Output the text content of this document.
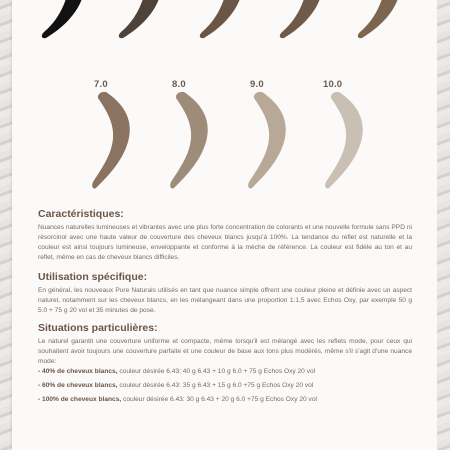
7.0	8.0	9.0	10.0
Caractéristiques:
Nuances naturelles lumineuses et vibrantes avec une plus forte concentration de colorants et une nouvelle formule sans PPD ni résorcinol avec une haute valeur de couverture des cheveux blancs jusqu'à 100%. La tendance du reflet est naturelle et la couleur est ainsi toujours lumineuse, enveloppante et conforme à la mèche de référence. La couleur est fidèle au ton et au reflet, même en cas de cheveux blancs difficiles.
Utilisation spécifique:
En général, les nouveaux Pure Naturals utilisés en tant que nuance simple offrent une couleur pleine et définie avec un aspect naturel, notamment sur les cheveux blancs, en les mélangeant dans une proportion 1:1,5 avec Echos Oxy, par exemple 50 g 5.0 + 75 g 20 vol et 35 minutes de pose.
Situations particulières:
Le naturel garantit une couverture uniforme et compacte, même lorsqu'il est mélangé avec les reflets mode, pour ceux qui souhaitent avoir toujours une couverture parfaite et une couleur de base aux tons plus modérés, même s'il s'agit d'une nuance mode:
- 40% de cheveux blancs, couleur désirée 6.43: 40 g 6.43 + 10 g 6.0 + 75 g Echos Oxy 20 vol
- 60% de cheveux blancs, couleur désirée 6.43: 35 g 6.43 + 15 g 6.0 +75 g Echos Oxy 20 vol
- 100% de cheveux blancs, couleur désirée 6.43: 30 g 6.43 + 20 g 6.0 +75 g Echos Oxy 20 vol
